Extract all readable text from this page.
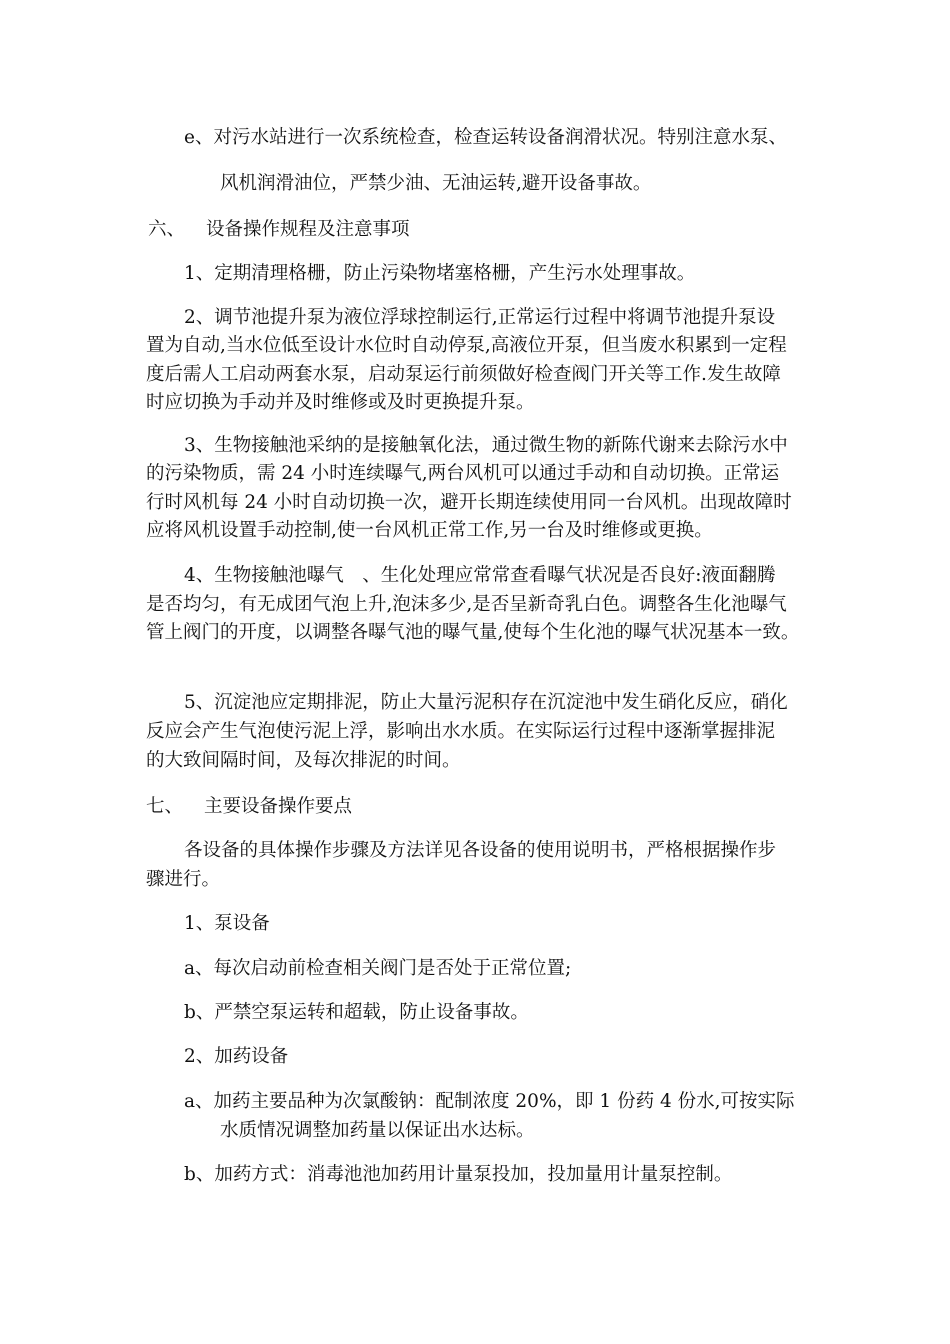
e、对污水站进行一次系统检查，检查运转设备润滑状况。特别注意水泵、
风机润滑油位，严禁少油、无油运转,避开设备事故。
六、 设备操作规程及注意事项
1、定期清理格栅，防止污染物堵塞格栅，产生污水处理事故。
2、调节池提升泵为液位浮球控制运行,正常运行过程中将调节池提升泵设
置为自动,当水位低至设计水位时自动停泵,高液位开泵，但当废水积累到一定程
度后需人工启动两套水泵，启动泵运行前须做好检查阀门开关等工作.发生故障
时应切换为手动并及时维修或及时更换提升泵。
3、生物接触池采纳的是接触氧化法，通过微生物的新陈代谢来去除污水中
的污染物质，需 24 小时连续曝气,两台风机可以通过手动和自动切换。正常运
行时风机每 24 小时自动切换一次，避开长期连续使用同一台风机。出现故障时
应将风机设置手动控制,使一台风机正常工作,另一台及时维修或更换。
4、生物接触池曝气　、生化处理应常常查看曝气状况是否良好:液面翻腾
是否均匀，有无成团气泡上升,泡沫多少,是否呈新奇乳白色。调整各生化池曝气
管上阀门的开度，以调整各曝气池的曝气量,使每个生化池的曝气状况基本一致。
5、沉淀池应定期排泥，防止大量污泥积存在沉淀池中发生硝化反应，硝化
反应会产生气泡使污泥上浮，影响出水水质。在实际运行过程中逐渐掌握排泥
的大致间隔时间，及每次排泥的时间。
七、 主要设备操作要点
各设备的具体操作步骤及方法详见各设备的使用说明书，严格根据操作步
骤进行。
1、泵设备
a、每次启动前检查相关阀门是否处于正常位置;
b、严禁空泵运转和超载，防止设备事故。
2、加药设备
a、加药主要品种为次氯酸钠：配制浓度 20%，即 1 份药 4 份水,可按实际
水质情况调整加药量以保证出水达标。
b、加药方式：消毒池池加药用计量泵投加，投加量用计量泵控制。
